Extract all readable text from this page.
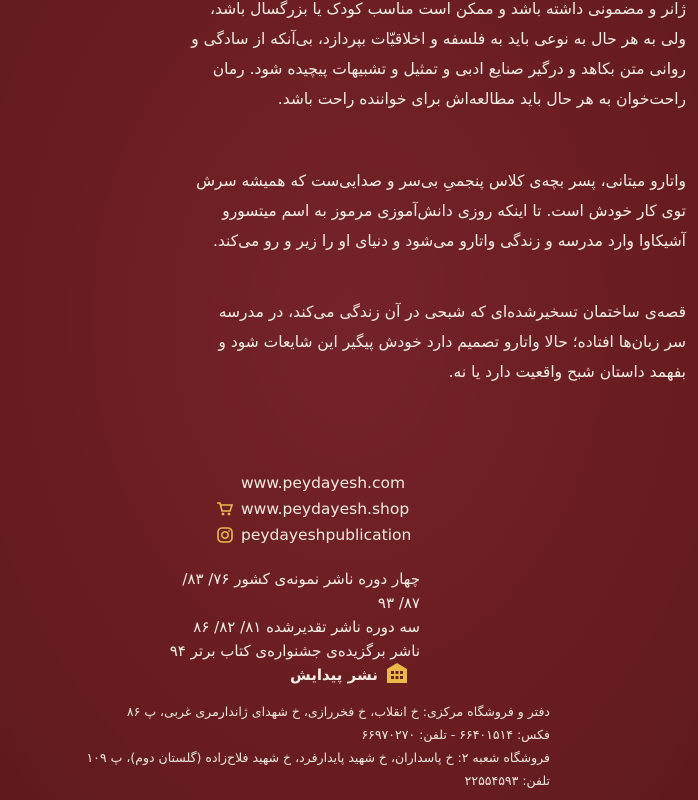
ژانر و مضمونی داشته باشد و ممکن است مناسب کودک یا بزرگسال باشد،
ولی به هر حال به نوعی باید به فلسفه و اخلاقیّات بپردازد، بی‌آنکه از سادگی و
روانی متن بکاهد و درگیر صنایع ادبی و تمثیل و تشبیهات پیچیده شود. رمان
راحت‌خوان به هر حال باید مطالعه‌اش برای خواننده راحت باشد.
واتارو میتانی، پسر بچه‌ی کلاس پنجمیِ بی‌سر و صدایی‌ست که همیشه سرش
توی کار خودش است. تا اینکه روزی دانش‌آموزی مرموز به اسم میتسورو
آشیکاوا وارد مدرسه و زندگی واتارو می‌شود و دنیای او را زیر و رو می‌کند.
قصه‌ی ساختمان تسخیرشده‌ای که شبحی در آن زندگی می‌کند، در مدرسه
سر زبان‌ها افتاده؛ حالا واتارو تصمیم دارد خودش پیگیر این شایعات شود و
بفهمد داستان شبح واقعیت دارد یا نه.
www.peydayesh.com
www.peydayesh.shop
peydayeshpublication
چهار دوره ناشر نمونه‌ی کشور ۷۶/ ۸۳/ ۸۷/ ۹۳
سه دوره ناشر تقدیرشده ۸۱/ ۸۲/ ۸۶
ناشر برگزیده‌ی جشنواره‌ی کتاب برتر ۹۴
نشر پیدایش
دفتر و فروشگاه مرکزی: خ انقلاب، خ فخررازی، خ شهدای ژاندارمری غربی، پ ۸۶
فکس: ۶۶۴۰۱۵۱۴ - تلفن: ۶۶۹۷۰۲۷۰
فروشگاه شعبه ۲: خ پاسداران، خ شهید پایدارفرد، خ شهید فلاح‌زاده (گلستان دوم)، پ ۱۰۹
تلفن: ۲۲۵۵۴۵۹۳
